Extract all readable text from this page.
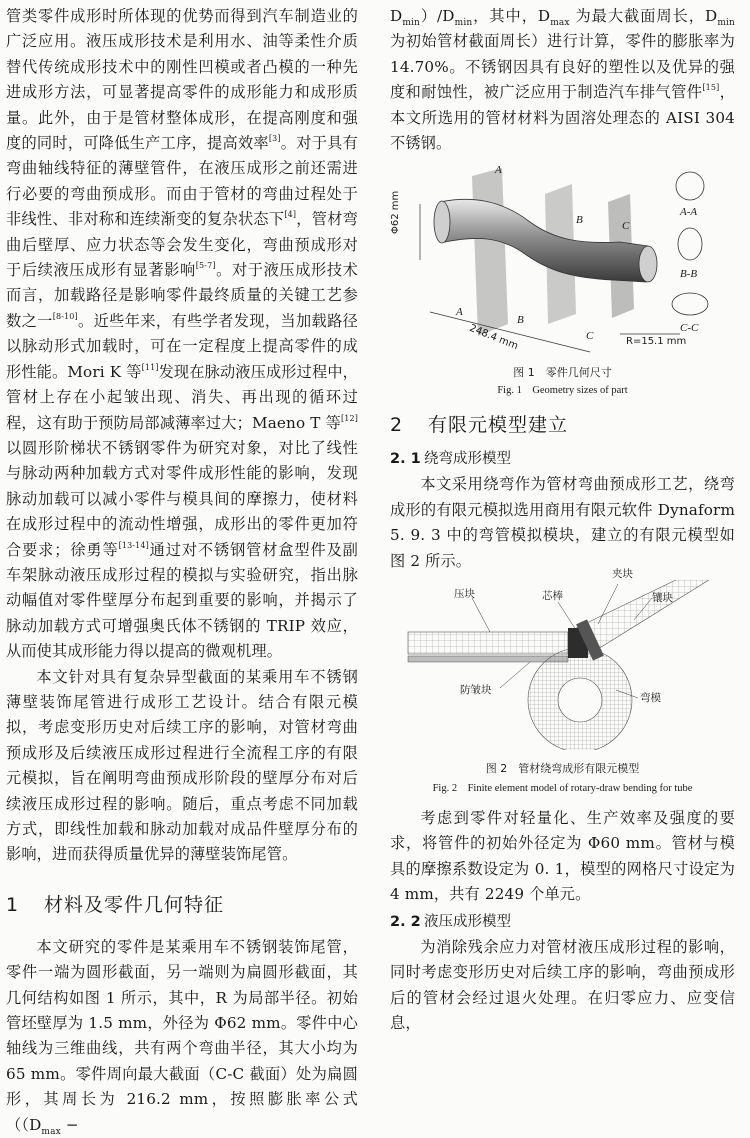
管类零件成形时所体现的优势而得到汽车制造业的广泛应用。液压成形技术是利用水、油等柔性介质替代传统成形技术中的刚性凹模或者凸模的一种先进成形方法，可显著提高零件的成形能力和成形质量。此外，由于是管材整体成形，在提高刚度和强度的同时，可降低生产工序，提高效率[3]。对于具有弯曲轴线特征的薄壁管件，在液压成形之前还需进行必要的弯曲预成形。而由于管材的弯曲过程处于非线性、非对称和连续渐变的复杂状态下[4]，管材弯曲后壁厚、应力状态等会发生变化，弯曲预成形对于后续液压成形有显著影响[5-7]。对于液压成形技术而言，加载路径是影响零件最终质量的关键工艺参数之一[8-10]。近些年来，有些学者发现，当加载路径以脉动形式加载时，可在一定程度上提高零件的成形性能。Mori K 等[11]发现在脉动液压成形过程中，管材上存在小起皱出现、消失、再出现的循环过程，这有助于预防局部减薄率过大；Maeno T 等[12]以圆形阶梯状不锈钢零件为研究对象，对比了线性与脉动两种加载方式对零件成形性能的影响，发现脉动加载可以减小零件与模具间的摩擦力，使材料在成形过程中的流动性增强，成形出的零件更加符合要求；徐勇等[13-14]通过对不锈钢管材盒型件及副车架脉动液压成形过程的模拟与实验研究，指出脉动幅值对零件壁厚分布起到重要的影响，并揭示了脉动加载方式可增强奥氏体不锈钢的 TRIP 效应，从而使其成形能力得以提高的微观机理。

本文针对具有复杂异型截面的某乘用车不锈钢薄壁装饰尾管进行成形工艺设计。结合有限元模拟，考虑变形历史对后续工序的影响，对管材弯曲预成形及后续液压成形过程进行全流程工序的有限元模拟，旨在阐明弯曲预成形阶段的壁厚分布对后续液压成形过程的影响。随后，重点考虑不同加载方式，即线性加载和脉动加载对成品件壁厚分布的影响，进而获得质量优异的薄壁装饰尾管。

1 材料及零件几何特征

本文研究的零件是某乘用车不锈钢装饰尾管，零件一端为圆形截面，另一端则为扁圆形截面，其几何结构如图 1 所示，其中，R 为局部半径。初始管坯壁厚为 1.5 mm，外径为 Φ62 mm。零件中心轴线为三维曲线，共有两个弯曲半径，其大小均为 65 mm。零件周向最大截面（C-C 截面）处为扁圆形，其周长为 216.2 mm，按照膨胀率公式（（$D_{max}$ −

$D_{min})/D_{min}$，其中，$D_{max}$ 为最大截面周长，$D_{min}$ 为初始管材截面周长）进行计算，零件的膨胀率为 14.70%。不锈钢因具有良好的塑性以及优异的强度和耐蚀性，被广泛应用于制造汽车排气管件[15]，本文所选用的管材材料为固溶处理态的 AISI 304 不锈钢。

A
A
B
B
C
C
Φ62 mm
248.4 mm	R=15.1 mm
A-A
B-B
C-C
图 1　零件几何尺寸
Fig. 1　Geometry sizes of part
2 有限元模型建立
2. 1 绕弯成形模型

本文采用绕弯作为管材弯曲预成形工艺，绕弯成形的有限元模拟选用商用有限元软件 Dynaform 5. 9. 3 中的弯管模拟模块，建立的有限元模型如图 2 所示。

夹块
压块	芯棒	镶块
防皱块
弯模
图 2　管材绕弯成形有限元模型
Fig. 2　Finite element model of rotary-draw bending for tube

考虑到零件对轻量化、生产效率及强度的要求，将管件的初始外径定为 Φ60 mm。管材与模具的摩擦系数设定为 0. 1，模型的网格尺寸设定为 4 mm，共有 2249 个单元。

2. 2 液压成形模型

为消除残余应力对管材液压成形过程的影响，同时考虑变形历史对后续工序的影响，弯曲预成形后的管材会经过退火处理。在归零应力、应变信息，
